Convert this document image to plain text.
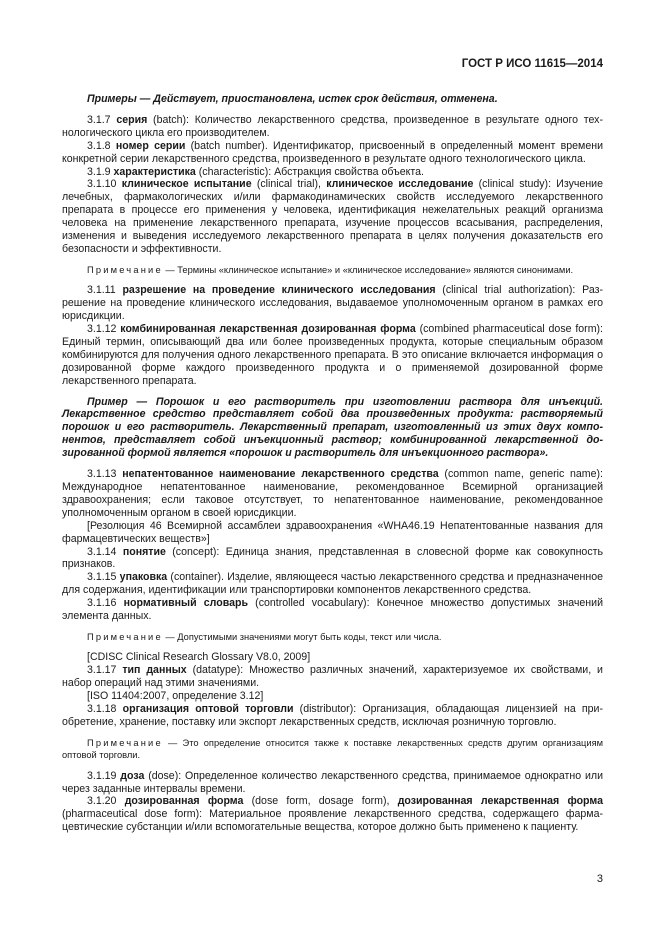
ГОСТ Р ИСО 11615—2014

Примеры — Действует, приостановлена, истек срок действия, отменена.

3.1.7 серия (batch): Количество лекарственного средства, произведенное в результате одного технологического цикла его производителем.

3.1.8 номер серии (batch number). Идентификатор, присвоенный в определенный момент времени конкретной серии лекарственного средства, произведенного в результате одного технологического цикла.

3.1.9 характеристика (characteristic): Абстракция свойства объекта.

3.1.10 клиническое испытание (clinical trial), клиническое исследование (clinical study): Изучение лечебных, фармакологических и/или фармакодинамических свойств исследуемого лекарственного препарата в процессе его применения у человека, идентификация нежелательных реакций организма человека на применение лекарственного препарата, изучение процессов всасывания, распределения, изменения и выведения исследуемого лекарственного препарата в целях получения доказательств его безопасности и эффективности.

Примечание — Термины «клиническое испытание» и «клиническое исследование» являются синонимами.

3.1.11 разрешение на проведение клинического исследования (clinical trial authorization): Разрешение на проведение клинического исследования, выдаваемое уполномоченным органом в рамках его юрисдикции.

3.1.12 комбинированная лекарственная дозированная форма (combined pharmaceutical dose form): Единый термин, описывающий два или более произведенных продукта, которые специальным образом комбинируются для получения одного лекарственного препарата. В это описание включается информация о дозированной форме каждого произведенного продукта и о применяемой дозированной форме лекарственного препарата.

Пример — Порошок и его растворитель при изготовлении раствора для инъекций. Лекарственное средство представляет собой два произведенных продукта: растворяемый порошок и его растворитель. Лекарственный препарат, изготовленный из этих двух компонентов, представляет собой инъекционный раствор; комбинированной лекарственной дозированной формой является «порошок и растворитель для инъекционного раствора».

3.1.13 непатентованное наименование лекарственного средства (common name, generic name): Международное непатентованное наименование, рекомендованное Всемирной организацией здравоохранения; если таковое отсутствует, то непатентованное наименование, рекомендованное уполномоченным органом в своей юрисдикции.

[Резолюция 46 Всемирной ассамблеи здравоохранения «WHA46.19 Непатентованные названия для фармацевтических веществ»]

3.1.14 понятие (concept): Единица знания, представленная в словесной форме как совокупность признаков.

3.1.15 упаковка (container). Изделие, являющееся частью лекарственного средства и предназначенное для содержания, идентификации или транспортировки компонентов лекарственного средства.

3.1.16 нормативный словарь (controlled vocabulary): Конечное множество допустимых значений элемента данных.

Примечание — Допустимыми значениями могут быть коды, текст или числа.

[CDISC Clinical Research Glossary V8.0, 2009]

3.1.17 тип данных (datatype): Множество различных значений, характеризуемое их свойствами, и набор операций над этими значениями.

[ISO 11404:2007, определение 3.12]

3.1.18 организация оптовой торговли (distributor): Организация, обладающая лицензией на приобретение, хранение, поставку или экспорт лекарственных средств, исключая розничную торговлю.

Примечание — Это определение относится также к поставке лекарственных средств другим организациям оптовой торговли.

3.1.19 доза (dose): Определенное количество лекарственного средства, принимаемое однократно или через заданные интервалы времени.

3.1.20 дозированная форма (dose form, dosage form), дозированная лекарственная форма (pharmaceutical dose form): Материальное проявление лекарственного средства, содержащего фармацевтические субстанции и/или вспомогательные вещества, которое должно быть применено к пациенту.

3
